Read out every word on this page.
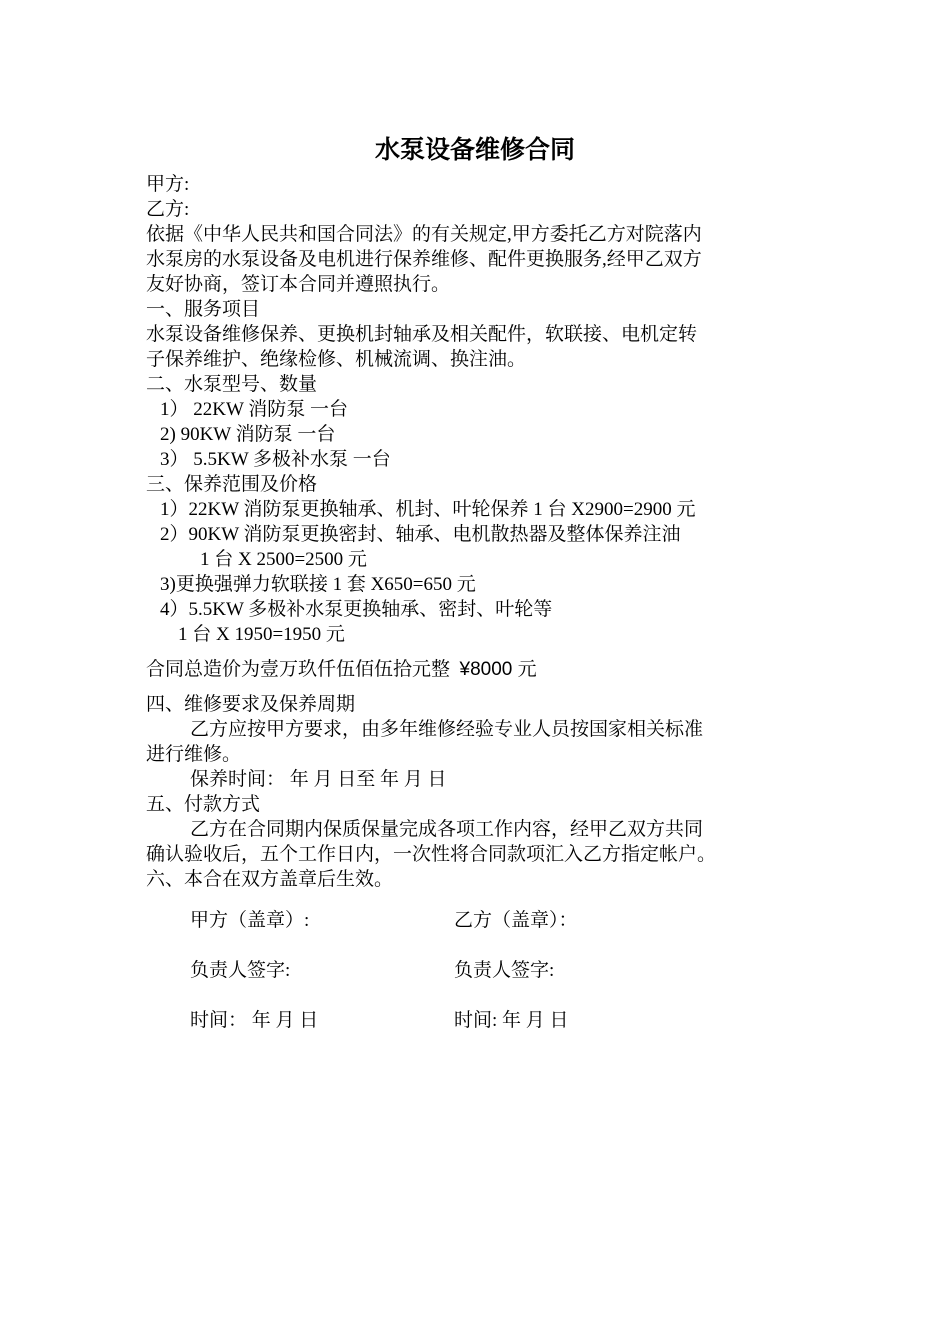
水泵设备维修合同
甲方:
乙方:
依据《中华人民共和国合同法》的有关规定,甲方委托乙方对院落内
水泵房的水泵设备及电机进行保养维修、配件更换服务,经甲乙双方
友好协商，签订本合同并遵照执行。
一、服务项目
水泵设备维修保养、更换机封轴承及相关配件，软联接、电机定转
子保养维护、绝缘检修、机械流调、换注油。
二、水泵型号、数量
1） 22KW 消防泵 一台
2) 90KW 消防泵 一台
3） 5.5KW 多极补水泵 一台
三、保养范围及价格
1）22KW 消防泵更换轴承、机封、叶轮保养 1 台 X2900=2900 元
2）90KW 消防泵更换密封、轴承、电机散热器及整体保养注油
1 台 X 2500=2500 元
3)更换强弹力软联接 1 套 X650=650 元
4）5.5KW 多极补水泵更换轴承、密封、叶轮等
1 台 X 1950=1950 元
合同总造价为壹万玖仟伍佰伍拾元整 ¥8000 元
四、维修要求及保养周期
乙方应按甲方要求，由多年维修经验专业人员按国家相关标准
进行维修。
保养时间： 年 月 日至 年 月 日
五、付款方式
乙方在合同期内保质保量完成各项工作内容，经甲乙双方共同
确认验收后，五个工作日内，一次性将合同款项汇入乙方指定帐户。
六、本合在双方盖章后生效。
甲方（盖章）:	乙方（盖章）：
负责人签字:	负责人签字:
时间： 年 月 日	时间: 年 月 日
